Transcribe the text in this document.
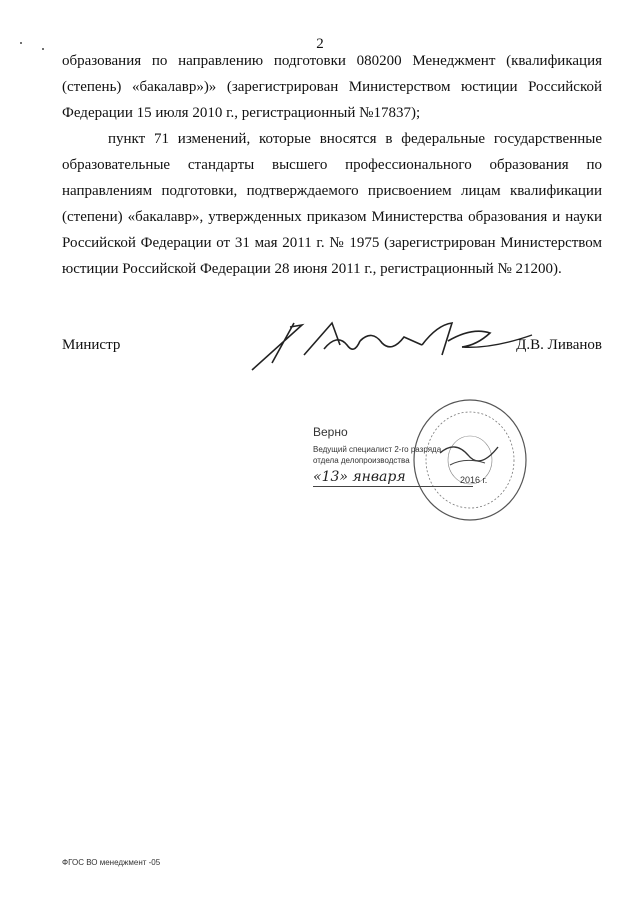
2

образования по направлению подготовки 080200 Менеджмент (квалификация (степень) «бакалавр»)» (зарегистрирован Министерством юстиции Российской Федерации 15 июля 2010 г., регистрационный №17837);

пункт 71 изменений, которые вносятся в федеральные государственные образовательные стандарты высшего профессионального образования по направлениям подготовки, подтверждаемого присвоением лицам квалификации (степени) «бакалавр», утвержденных приказом Министерства образования и науки Российской Федерации от 31 мая 2011 г. № 1975 (зарегистрирован Министерством юстиции Российской Федерации 28 июня 2011 г., регистрационный № 21200).

Министр	Д.В. Ливанов
Верно
Ведущий специалист 2-го разряда
отдела делопроизводства
«13» января	2016 г.
ФГОС ВО менеджмент -05
